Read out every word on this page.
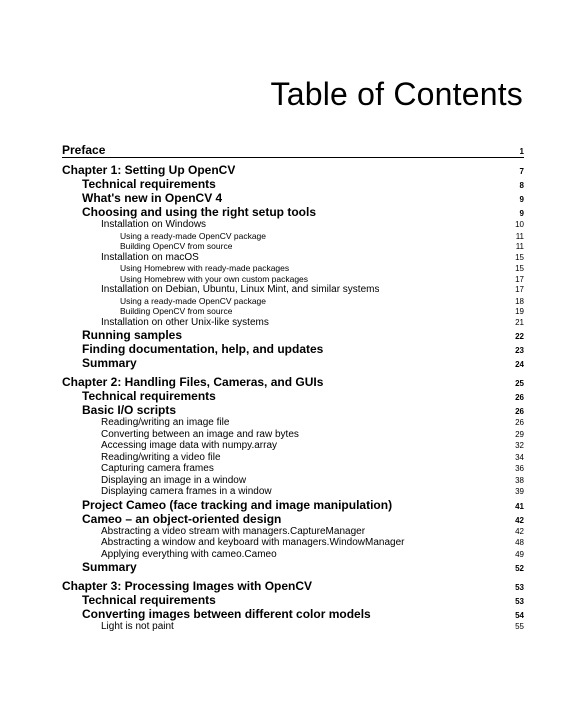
Table of Contents
Preface	1
Chapter 1: Setting Up OpenCV	7
Technical requirements	8
What's new in OpenCV 4	9
Choosing and using the right setup tools	9
Installation on Windows	10
Using a ready-made OpenCV package	11
Building OpenCV from source	11
Installation on macOS	15
Using Homebrew with ready-made packages	15
Using Homebrew with your own custom packages	17
Installation on Debian, Ubuntu, Linux Mint, and similar systems	17
Using a ready-made OpenCV package	18
Building OpenCV from source	19
Installation on other Unix-like systems	21
Running samples	22
Finding documentation, help, and updates	23
Summary	24
Chapter 2: Handling Files, Cameras, and GUIs	25
Technical requirements	26
Basic I/O scripts	26
Reading/writing an image file	26
Converting between an image and raw bytes	29
Accessing image data with numpy.array	32
Reading/writing a video file	34
Capturing camera frames	36
Displaying an image in a window	38
Displaying camera frames in a window	39
Project Cameo (face tracking and image manipulation)	41
Cameo – an object-oriented design	42
Abstracting a video stream with managers.CaptureManager	42
Abstracting a window and keyboard with managers.WindowManager	48
Applying everything with cameo.Cameo	49
Summary	52
Chapter 3: Processing Images with OpenCV	53
Technical requirements	53
Converting images between different color models	54
Light is not paint	55
